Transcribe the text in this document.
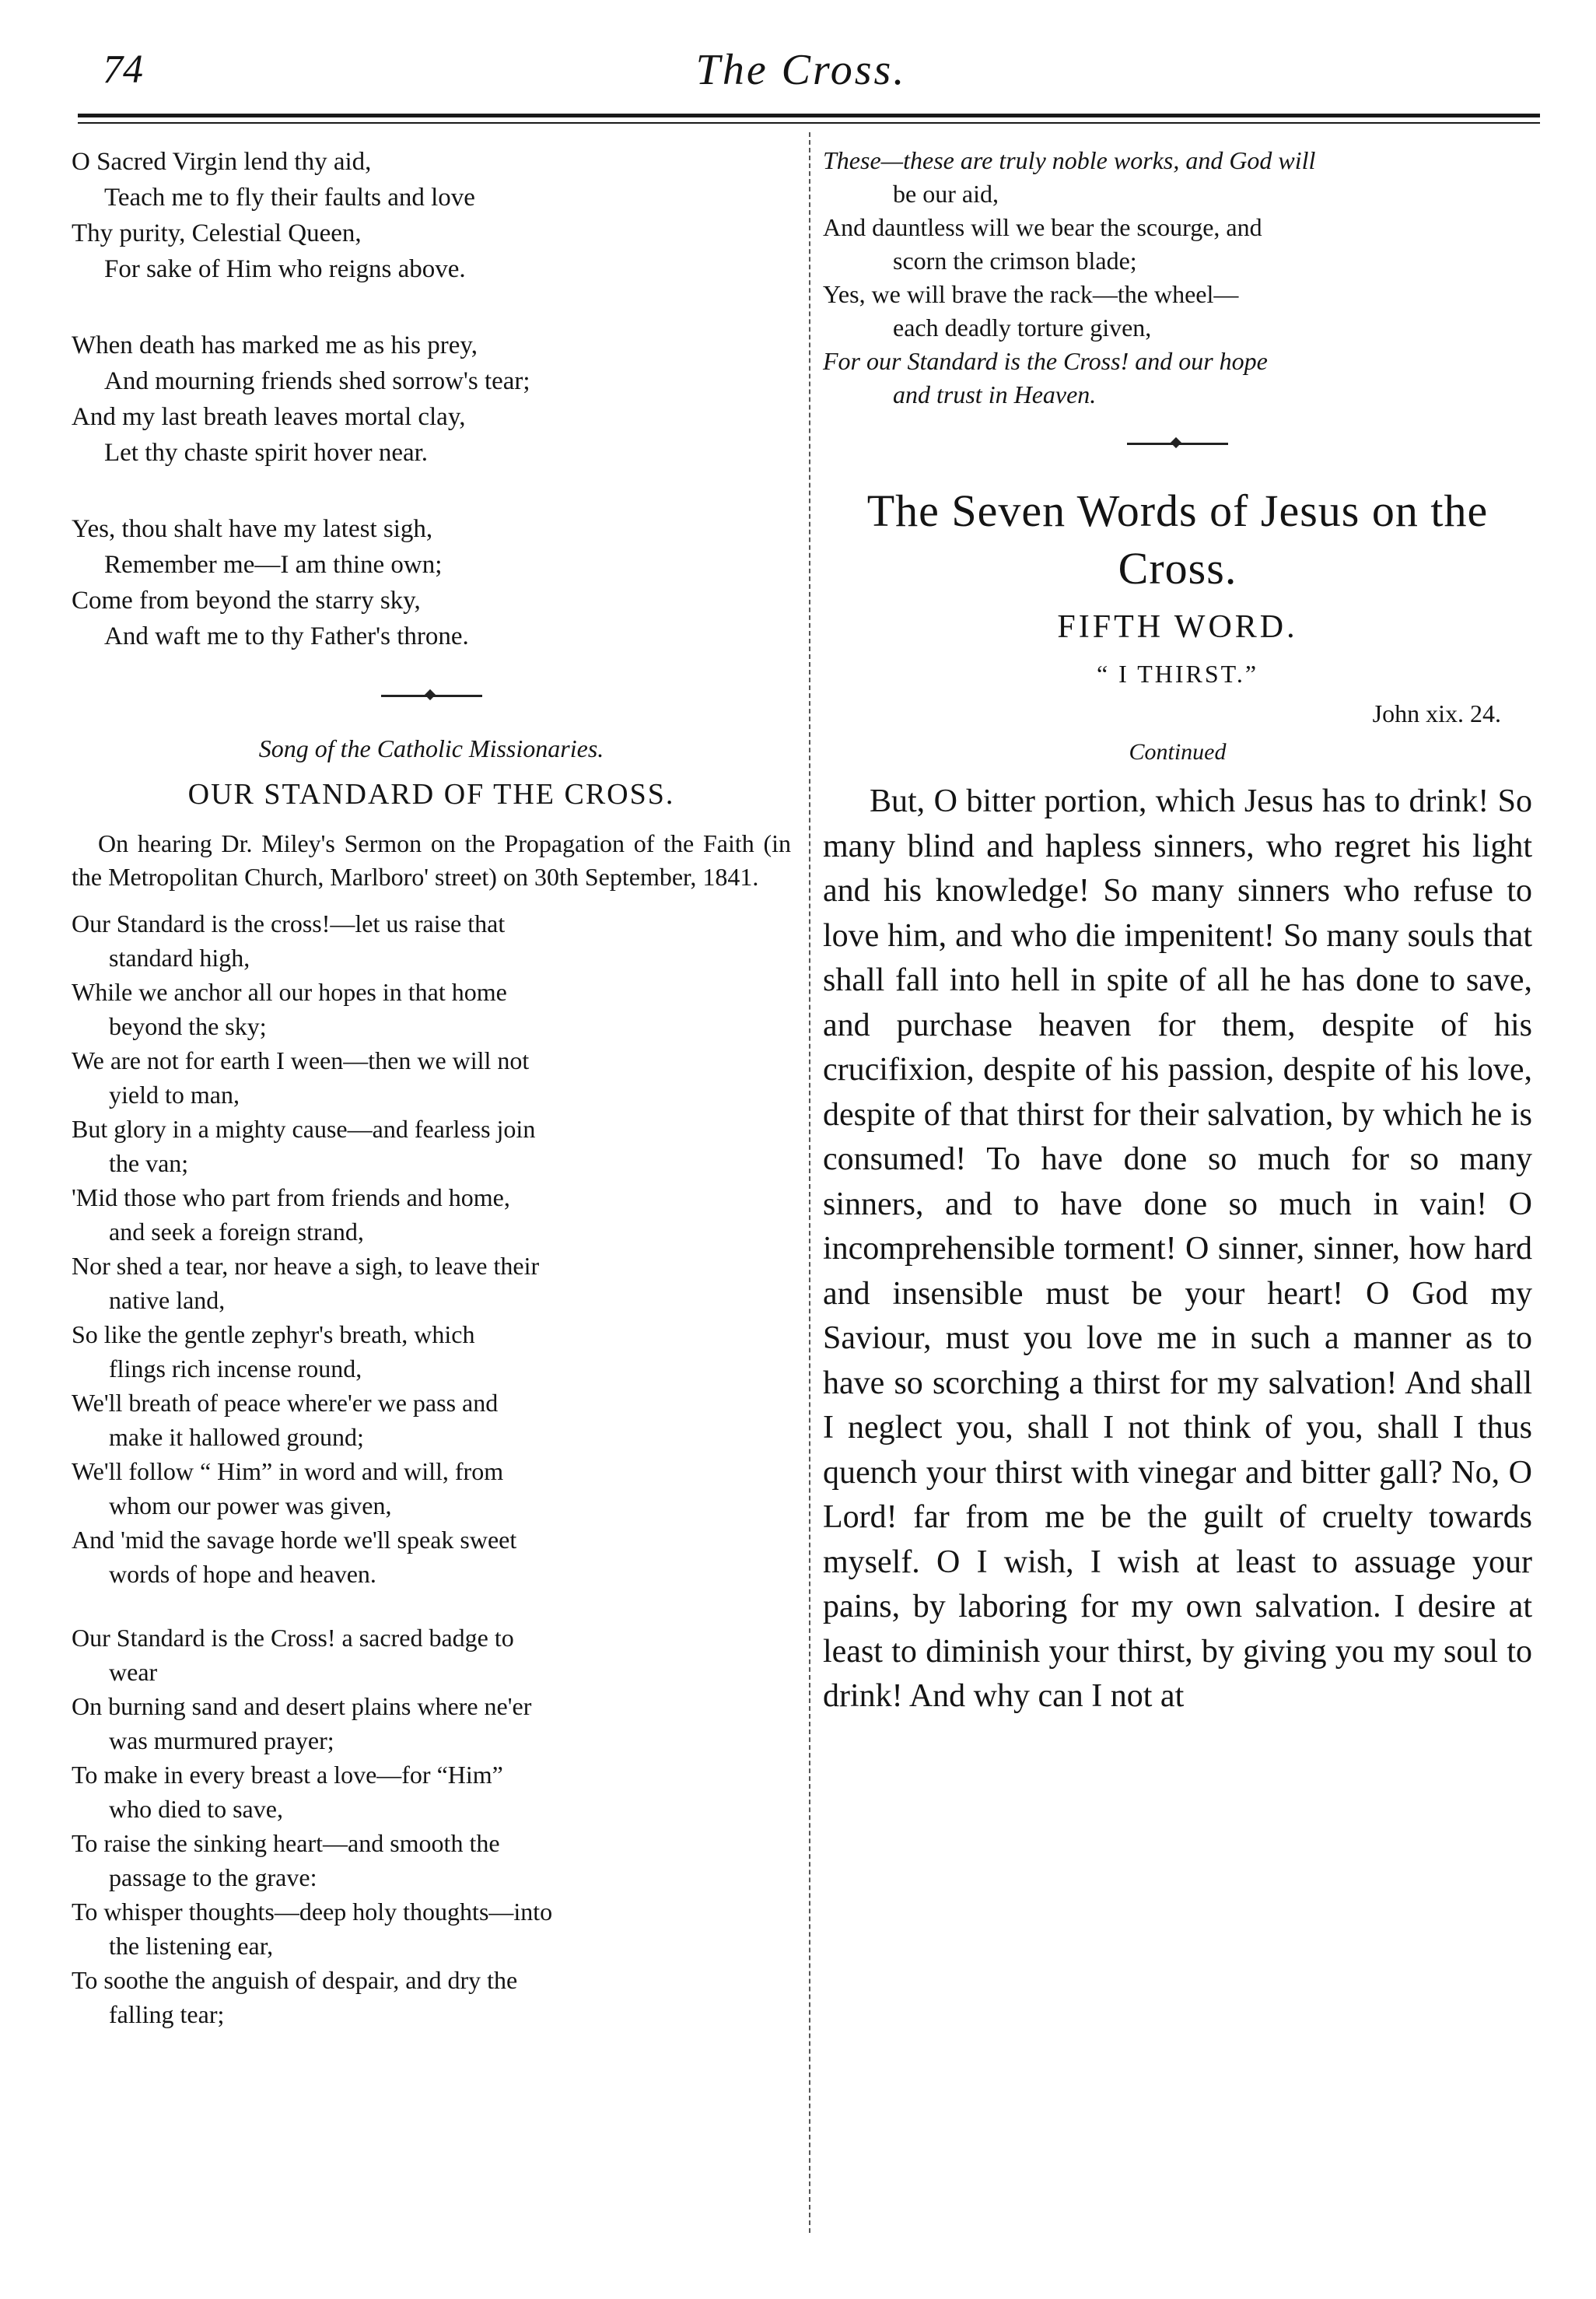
74	The Cross.
O Sacred Virgin lend thy aid,
Teach me to fly their faults and love
Thy purity, Celestial Queen,
For sake of Him who reigns above.
When death has marked me as his prey,
And mourning friends shed sorrow's tear;
And my last breath leaves mortal clay,
Let thy chaste spirit hover near.
Yes, thou shalt have my latest sigh,
Remember me—I am thine own;
Come from beyond the starry sky,
And waft me to thy Father's throne.
Song of the Catholic Missionaries.
OUR STANDARD OF THE CROSS.
On hearing Dr. Miley's Sermon on the Propagation of the Faith (in the Metropolitan Church, Marlboro' street) on 30th September, 1841.
Our Standard is the cross!—let us raise that
standard high,
While we anchor all our hopes in that home
beyond the sky;
We are not for earth I ween—then we will not
yield to man,
But glory in a mighty cause—and fearless join
the van;
'Mid those who part from friends and home,
and seek a foreign strand,
Nor shed a tear, nor heave a sigh, to leave their
native land,
So like the gentle zephyr's breath, which
flings rich incense round,
We'll breath of peace where'er we pass and
make it hallowed ground;
We'll follow “ Him” in word and will, from
whom our power was given,
And 'mid the savage horde we'll speak sweet
words of hope and heaven.
Our Standard is the Cross! a sacred badge to
wear
On burning sand and desert plains where ne'er
was murmured prayer;
To make in every breast a love—for “Him”
who died to save,
To raise the sinking heart—and smooth the
passage to the grave:
To whisper thoughts—deep holy thoughts—into
the listening ear,
To soothe the anguish of despair, and dry the
falling tear;
These—these are truly noble works, and God will
be our aid,
And dauntless will we bear the scourge, and
scorn the crimson blade;
Yes, we will brave the rack—the wheel—
each deadly torture given,
For our Standard is the Cross! and our hope
and trust in Heaven.
The Seven Words of Jesus on the Cross.
FIFTH WORD.
“ I THIRST.”
John xix. 24.
Continued

But, O bitter portion, which Jesus has to drink! So many blind and hapless sinners, who regret his light and his knowledge! So many sinners who refuse to love him, and who die impenitent! So many souls that shall fall into hell in spite of all he has done to save, and purchase heaven for them, despite of his crucifixion, despite of his passion, despite of his love, despite of that thirst for their salvation, by which he is consumed! To have done so much for so many sinners, and to have done so much in vain! O incomprehensible torment! O sinner, sinner, how hard and insensible must be your heart! O God my Saviour, must you love me in such a manner as to have so scorching a thirst for my salvation! And shall I neglect you, shall I not think of you, shall I thus quench your thirst with vinegar and bitter gall? No, O Lord! far from me be the guilt of cruelty towards myself. O I wish, I wish at least to assuage your pains, by laboring for my own salvation. I desire at least to diminish your thirst, by giving you my soul to drink! And why can I not at
